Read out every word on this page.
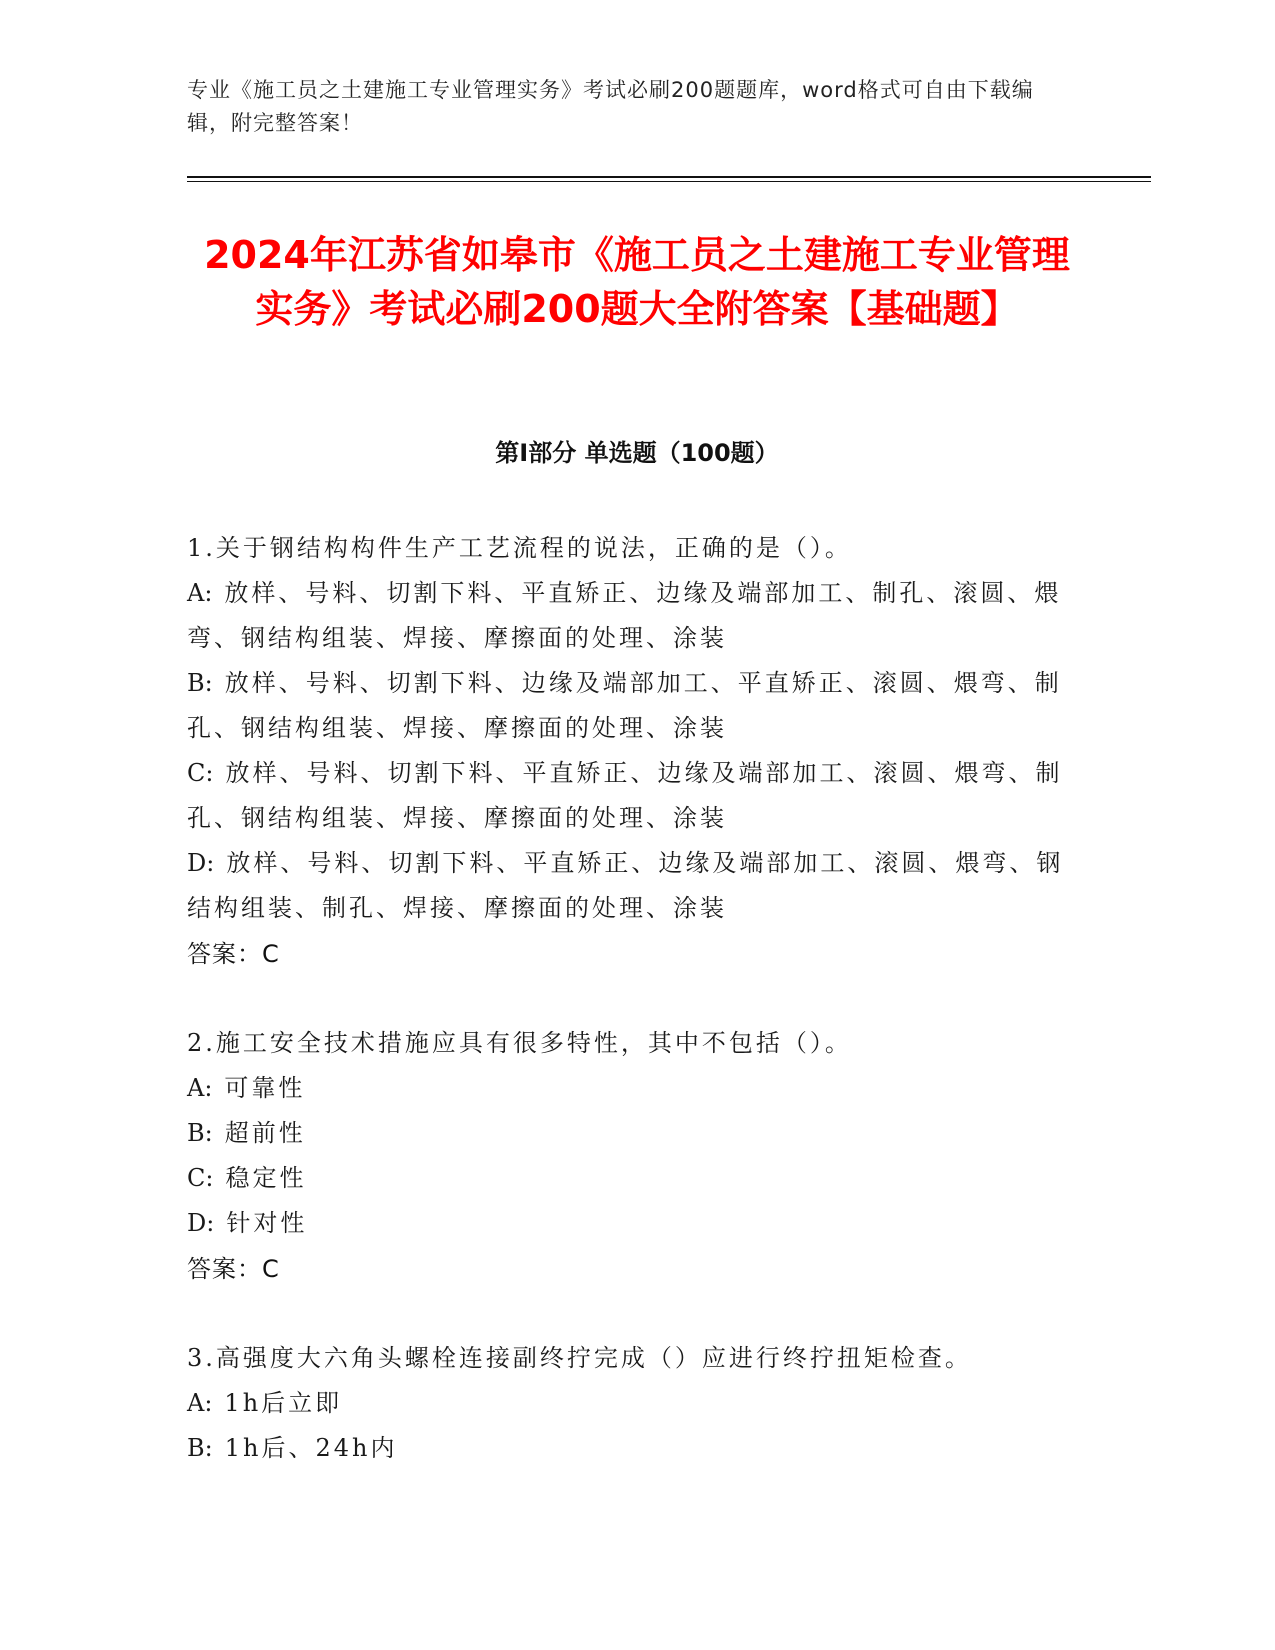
专业《施工员之土建施工专业管理实务》考试必刷200题题库，word格式可自由下载编辑，附完整答案！
2024年江苏省如皋市《施工员之土建施工专业管理实务》考试必刷200题大全附答案【基础题】
第Ⅰ部分 单选题（100题）
1.关于钢结构构件生产工艺流程的说法，正确的是（）。
A: 放样、号料、切割下料、平直矫正、边缘及端部加工、制孔、滚圆、煨弯、钢结构组装、焊接、摩擦面的处理、涂装
B: 放样、号料、切割下料、边缘及端部加工、平直矫正、滚圆、煨弯、制孔、钢结构组装、焊接、摩擦面的处理、涂装
C: 放样、号料、切割下料、平直矫正、边缘及端部加工、滚圆、煨弯、制孔、钢结构组装、焊接、摩擦面的处理、涂装
D: 放样、号料、切割下料、平直矫正、边缘及端部加工、滚圆、煨弯、钢结构组装、制孔、焊接、摩擦面的处理、涂装
答案：C
2.施工安全技术措施应具有很多特性，其中不包括（）。
A: 可靠性
B: 超前性
C: 稳定性
D: 针对性
答案：C
3.高强度大六角头螺栓连接副终拧完成（）应进行终拧扭矩检查。
A: 1h后立即
B: 1h后、24h内
